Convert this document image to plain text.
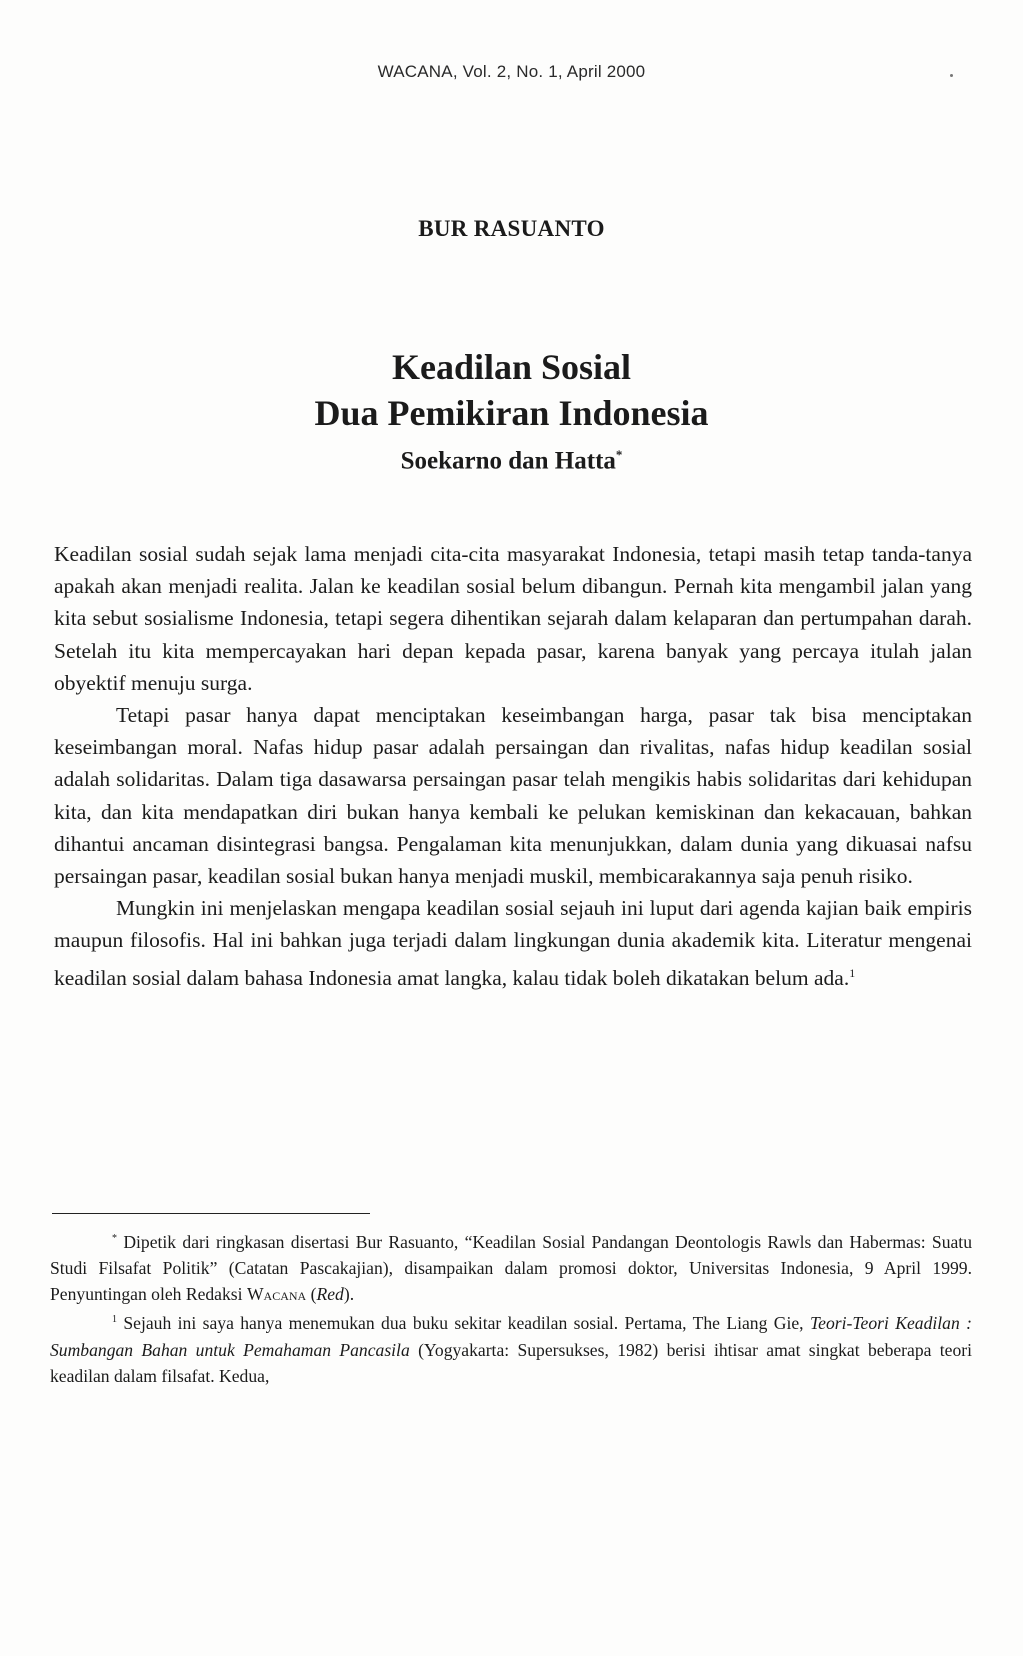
WACANA, Vol. 2, No. 1, April 2000
BUR RASUANTO
Keadilan Sosial
Dua Pemikiran Indonesia
Soekarno dan Hatta*

Keadilan sosial sudah sejak lama menjadi cita-cita masyarakat Indonesia, tetapi masih tetap tanda-tanya apakah akan menjadi realita. Jalan ke keadilan sosial belum dibangun. Pernah kita mengambil jalan yang kita sebut sosialisme Indonesia, tetapi segera dihentikan sejarah dalam kelaparan dan pertumpahan darah. Setelah itu kita mempercayakan hari depan kepada pasar, karena banyak yang percaya itulah jalan obyektif menuju surga.

Tetapi pasar hanya dapat menciptakan keseimbangan harga, pasar tak bisa menciptakan keseimbangan moral. Nafas hidup pasar adalah persaingan dan rivalitas, nafas hidup keadilan sosial adalah solidaritas. Dalam tiga dasawarsa persaingan pasar telah mengikis habis solidaritas dari kehidupan kita, dan kita mendapatkan diri bukan hanya kembali ke pelukan kemiskinan dan kekacauan, bahkan dihantui ancaman disintegrasi bangsa. Pengalaman kita menunjukkan, dalam dunia yang dikuasai nafsu persaingan pasar, keadilan sosial bukan hanya menjadi muskil, membicarakannya saja penuh risiko.

Mungkin ini menjelaskan mengapa keadilan sosial sejauh ini luput dari agenda kajian baik empiris maupun filosofis. Hal ini bahkan juga terjadi dalam lingkungan dunia akademik kita. Literatur mengenai keadilan sosial dalam bahasa Indonesia amat langka, kalau tidak boleh dikatakan belum ada.$^1$

* Dipetik dari ringkasan disertasi Bur Rasuanto, “Keadilan Sosial Pandangan Deontologis Rawls dan Habermas: Suatu Studi Filsafat Politik” (Catatan Pascakajian), disampaikan dalam promosi doktor, Universitas Indonesia, 9 April 1999. Penyuntingan oleh Redaksi Wacana (Red).

$^1$ Sejauh ini saya hanya menemukan dua buku sekitar keadilan sosial. Pertama, The Liang Gie, Teori-Teori Keadilan : Sumbangan Bahan untuk Pemahaman Pancasila (Yogyakarta: Supersukses, 1982) berisi ihtisar amat singkat beberapa teori keadilan dalam filsafat. Kedua,
